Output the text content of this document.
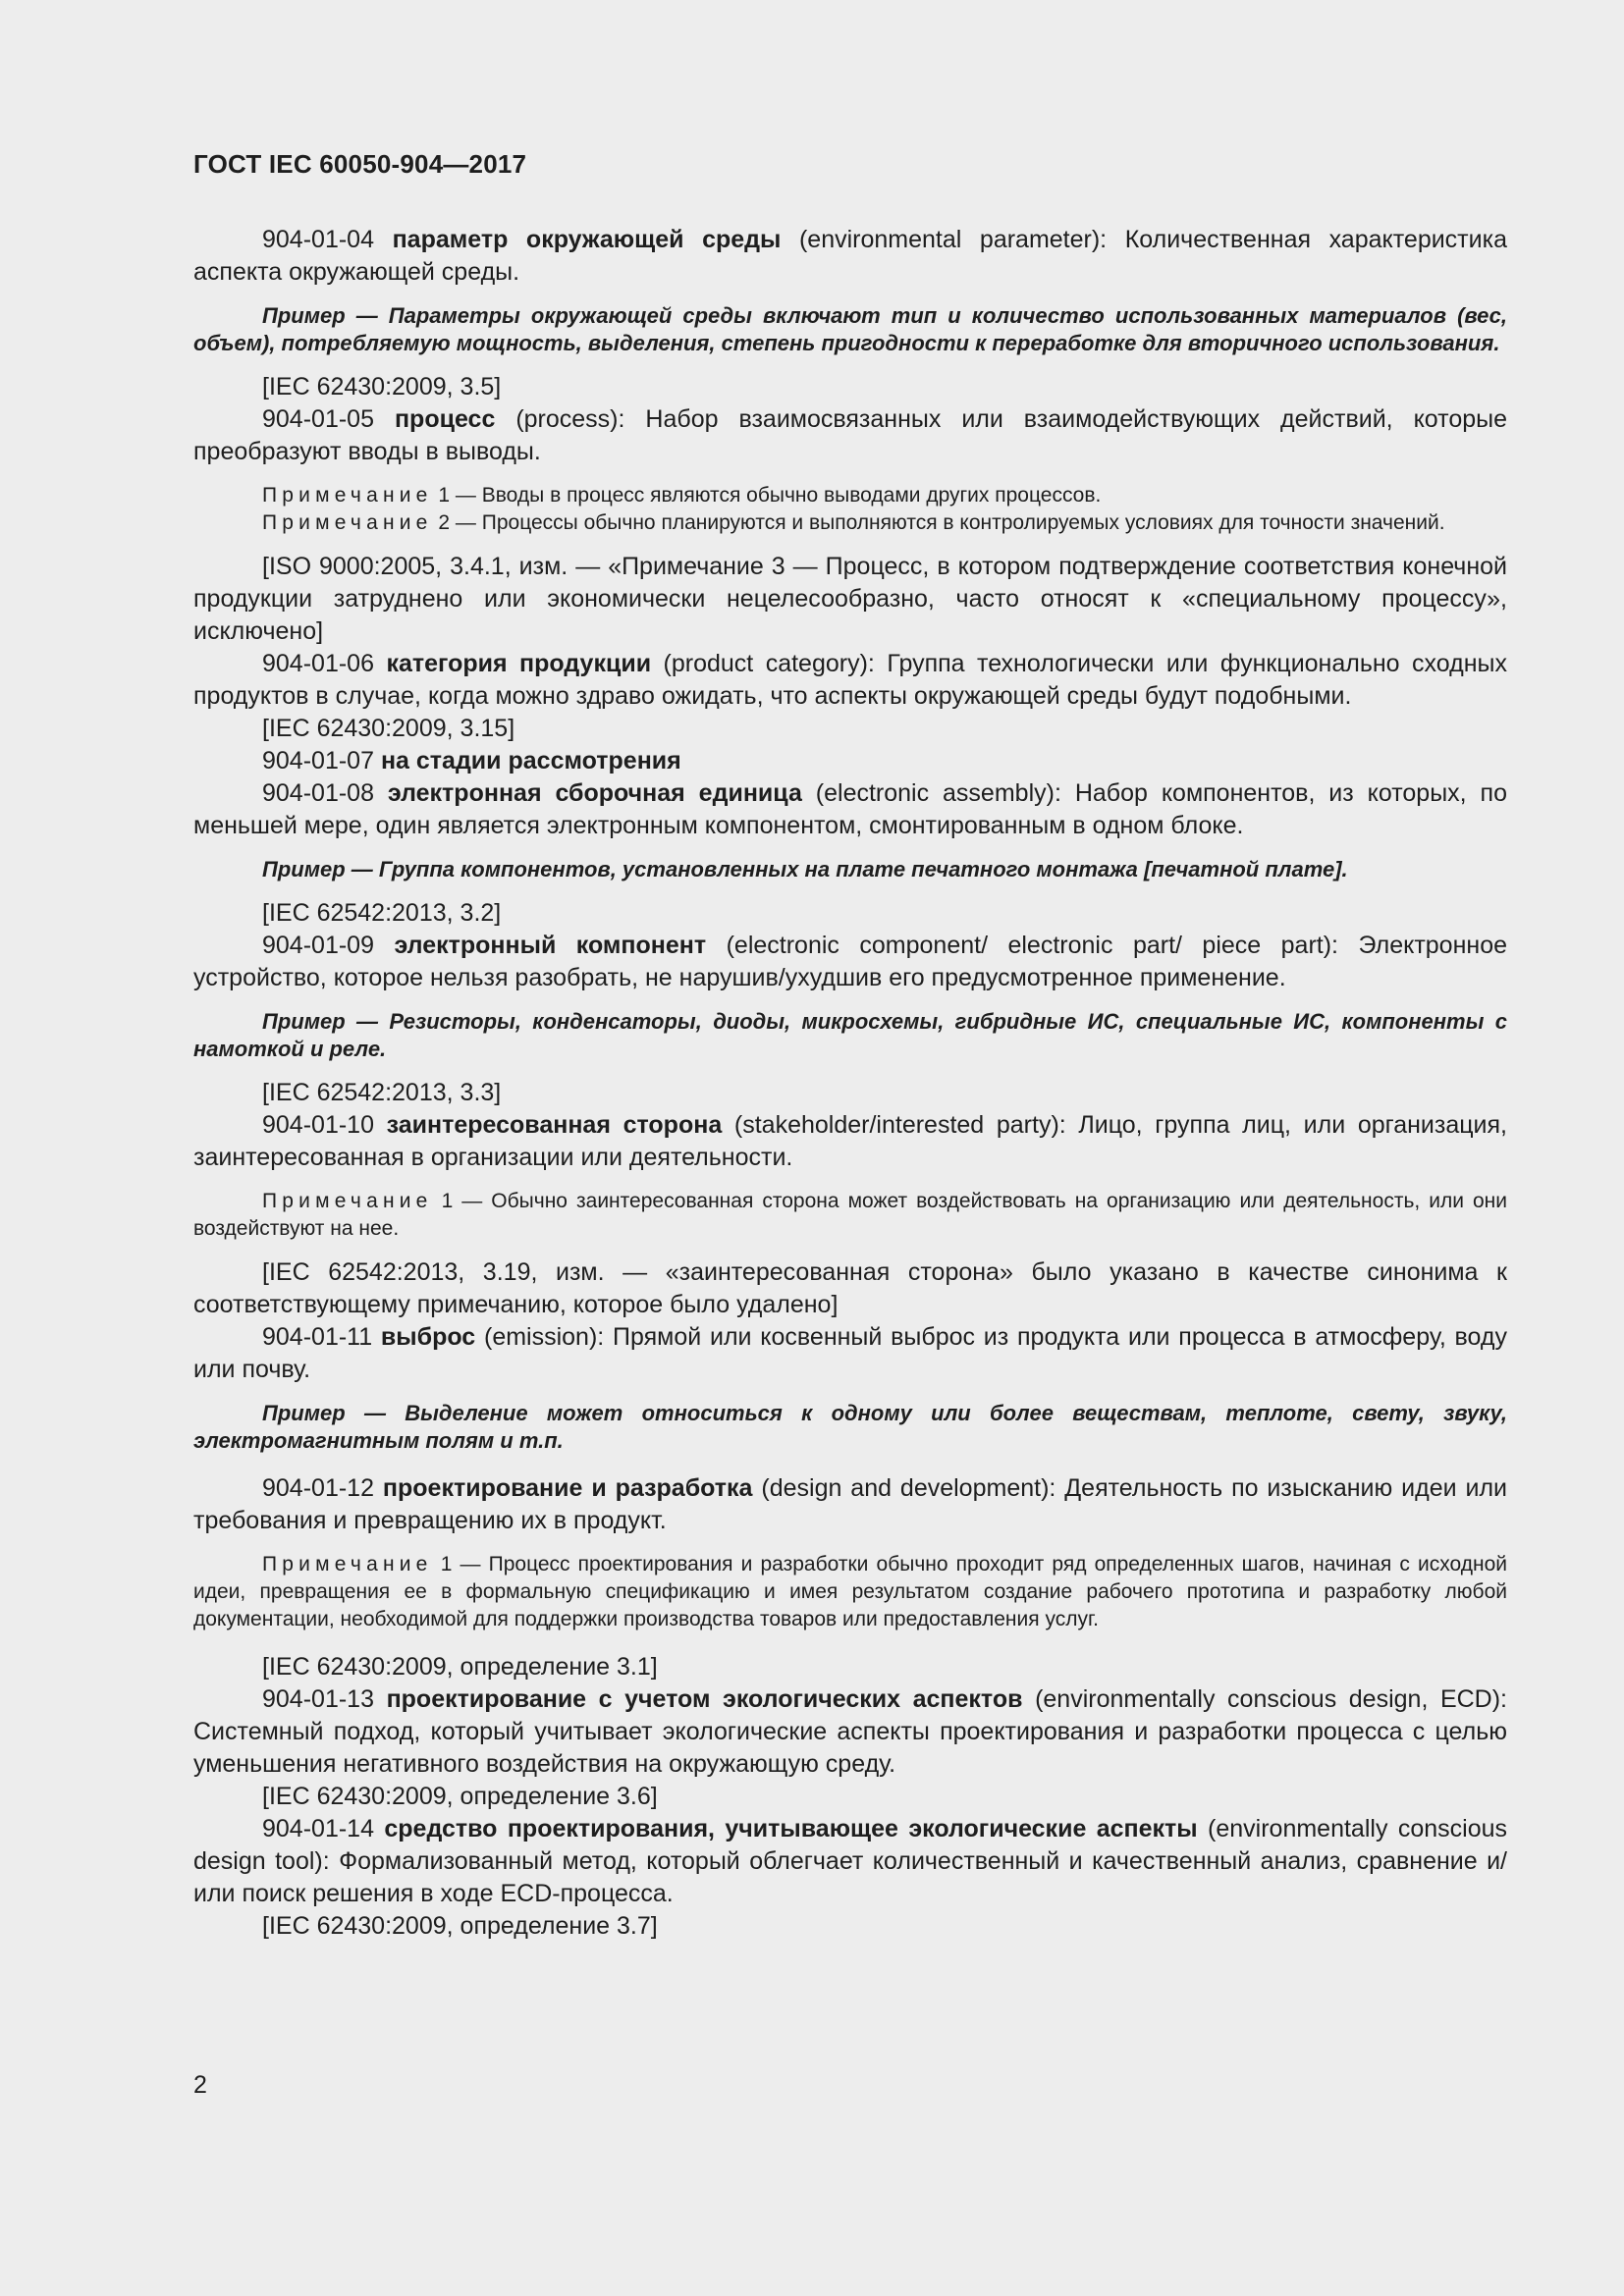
ГОСТ IEC 60050-904—2017

904-01-04 параметр окружающей среды (environmental parameter): Количественная характеристика аспекта окружающей среды.

Пример — Параметры окружающей среды включают тип и количество использованных материалов (вес, объем), потребляемую мощность, выделения, степень пригодности к переработке для вторичного использования.

[IEC 62430:2009, 3.5]

904-01-05 процесс (process): Набор взаимосвязанных или взаимодействующих действий, которые преобразуют вводы в выводы.

Примечание 1 — Вводы в процесс являются обычно выводами других процессов.

Примечание 2 — Процессы обычно планируются и выполняются в контролируемых условиях для точности значений.

[ISO 9000:2005, 3.4.1, изм. — «Примечание 3 — Процесс, в котором подтверждение соответствия конечной продукции затруднено или экономически нецелесообразно, часто относят к «специальному процессу», исключено]

904-01-06 категория продукции (product category): Группа технологически или функционально сходных продуктов в случае, когда можно здраво ожидать, что аспекты окружающей среды будут подобными.

[IEC 62430:2009, 3.15]

904-01-07 на стадии рассмотрения

904-01-08 электронная сборочная единица (electronic assembly): Набор компонентов, из которых, по меньшей мере, один является электронным компонентом, смонтированным в одном блоке.

Пример — Группа компонентов, установленных на плате печатного монтажа [печатной плате].

[IEC 62542:2013, 3.2]

904-01-09 электронный компонент (electronic component/ electronic part/ piece part): Электронное устройство, которое нельзя разобрать, не нарушив/ухудшив его предусмотренное применение.

Пример — Резисторы, конденсаторы, диоды, микросхемы, гибридные ИС, специальные ИС, компоненты с намоткой и реле.

[IEC 62542:2013, 3.3]

904-01-10 заинтересованная сторона (stakeholder/interested party): Лицо, группа лиц, или организация, заинтересованная в организации или деятельности.

Примечание 1 — Обычно заинтересованная сторона может воздействовать на организацию или деятельность, или они воздействуют на нее.

[IEC 62542:2013, 3.19, изм. — «заинтересованная сторона» было указано в качестве синонима к соответствующему примечанию, которое было удалено]

904-01-11 выброс (emission): Прямой или косвенный выброс из продукта или процесса в атмосферу, воду или почву.

Пример — Выделение может относиться к одному или более веществам, теплоте, свету, звуку, электромагнитным полям и т.п.

904-01-12 проектирование и разработка (design and development): Деятельность по изысканию идеи или требования и превращению их в продукт.

Примечание 1 — Процесс проектирования и разработки обычно проходит ряд определенных шагов, начиная с исходной идеи, превращения ее в формальную спецификацию и имея результатом создание рабочего прототипа и разработку любой документации, необходимой для поддержки производства товаров или предоставления услуг.

[IEC 62430:2009, определение 3.1]

904-01-13 проектирование с учетом экологических аспектов (environmentally conscious design, ECD): Системный подход, который учитывает экологические аспекты проектирования и разработки процесса с целью уменьшения негативного воздействия на окружающую среду.

[IEC 62430:2009, определение 3.6]

904-01-14 средство проектирования, учитывающее экологические аспекты (environmentally conscious design tool): Формализованный метод, который облегчает количественный и качественный анализ, сравнение и/или поиск решения в ходе ECD-процесса.

[IEC 62430:2009, определение 3.7]

2
